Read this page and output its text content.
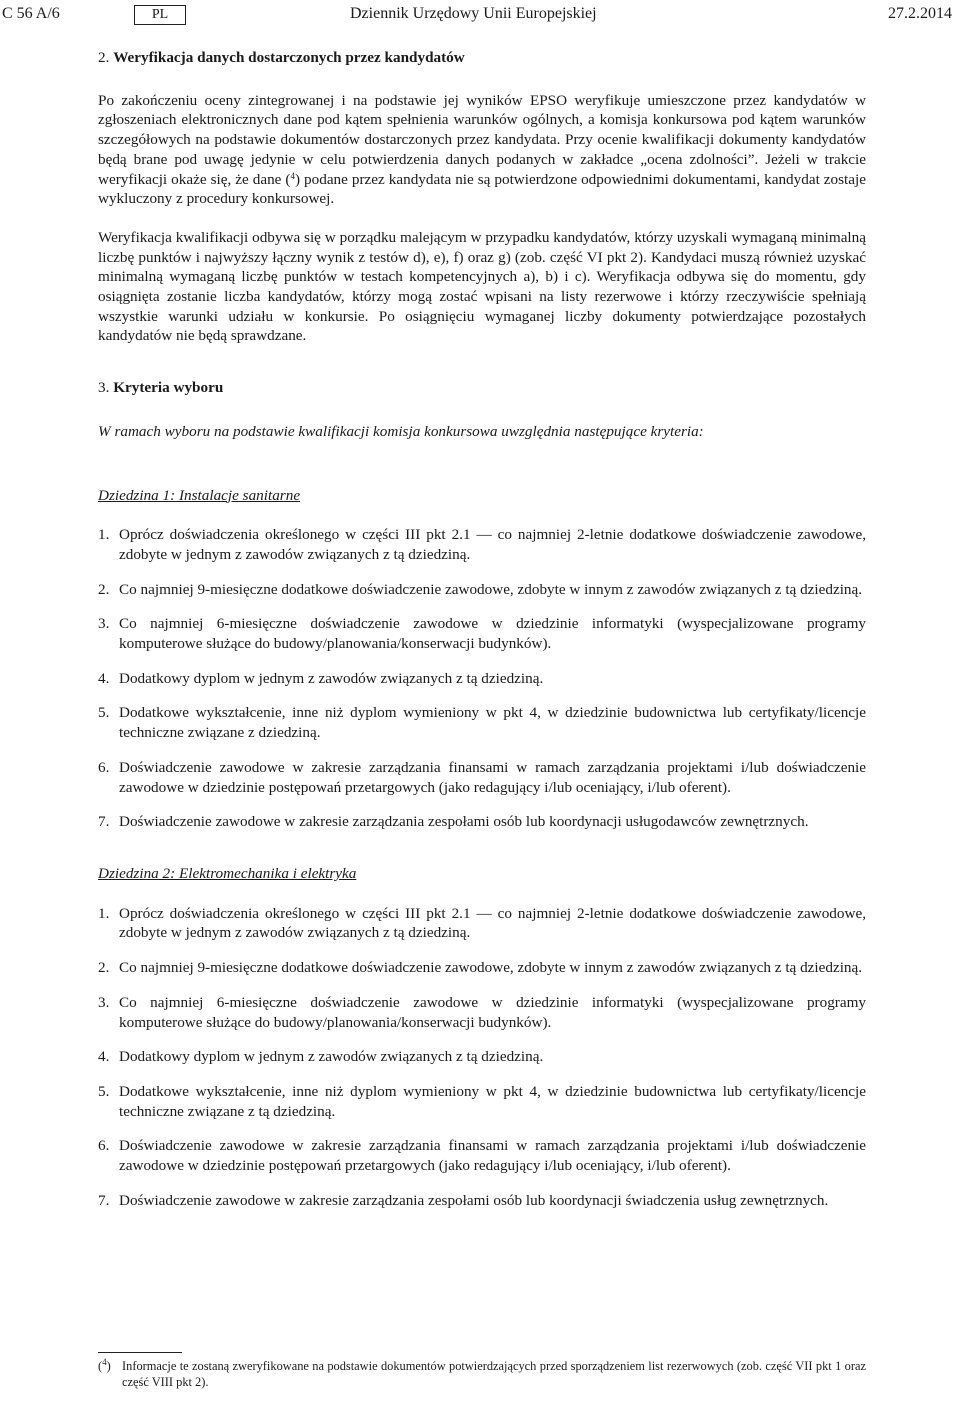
C 56 A/6	PL	Dziennik Urzędowy Unii Europejskiej	27.2.2014
2. Weryfikacja danych dostarczonych przez kandydatów

Po zakończeniu oceny zintegrowanej i na podstawie jej wyników EPSO weryfikuje umieszczone przez kandydatów w zgłoszeniach elektronicznych dane pod kątem spełnienia warunków ogólnych, a komisja konkursowa pod kątem warunków szczegółowych na podstawie dokumentów dostarczonych przez kandydata. Przy ocenie kwalifikacji dokumenty kandydatów będą brane pod uwagę jedynie w celu potwierdzenia danych podanych w zakładce „ocena zdolności”. Jeżeli w trakcie weryfikacji okaże się, że dane ($^4$) podane przez kandydata nie są potwierdzone odpowiednimi dokumentami, kandydat zostaje wykluczony z procedury konkursowej.

Weryfikacja kwalifikacji odbywa się w porządku malejącym w przypadku kandydatów, którzy uzyskali wymaganą minimalną liczbę punktów i najwyższy łączny wynik z testów d), e), f) oraz g) (zob. część VI pkt 2). Kandydaci muszą również uzyskać minimalną wymaganą liczbę punktów w testach kompetencyjnych a), b) i c). Weryfikacja odbywa się do momentu, gdy osiągnięta zostanie liczba kandydatów, którzy mogą zostać wpisani na listy rezerwowe i którzy rzeczywiście spełniają wszystkie warunki udziału w konkursie. Po osiągnięciu wymaganej liczby dokumenty potwierdzające pozostałych kandydatów nie będą sprawdzane.

3. Kryteria wyboru

W ramach wyboru na podstawie kwalifikacji komisja konkursowa uwzględnia następujące kryteria:

Dziedzina 1: Instalacje sanitarne
1. Oprócz doświadczenia określonego w części III pkt 2.1 — co najmniej 2-letnie dodatkowe doświadczenie zawodowe, zdobyte w jednym z zawodów związanych z tą dziedziną.
2. Co najmniej 9-miesięczne dodatkowe doświadczenie zawodowe, zdobyte w innym z zawodów związanych z tą dziedziną.
3. Co najmniej 6-miesięczne doświadczenie zawodowe w dziedzinie informatyki (wyspecjalizowane programy komputerowe służące do budowy/planowania/konserwacji budynków).
4. Dodatkowy dyplom w jednym z zawodów związanych z tą dziedziną.
5. Dodatkowe wykształcenie, inne niż dyplom wymieniony w pkt 4, w dziedzinie budownictwa lub certyfikaty/licencje techniczne związane z dziedziną.
6. Doświadczenie zawodowe w zakresie zarządzania finansami w ramach zarządzania projektami i/lub doświadczenie zawodowe w dziedzinie postępowań przetargowych (jako redagujący i/lub oceniający, i/lub oferent).
7. Doświadczenie zawodowe w zakresie zarządzania zespołami osób lub koordynacji usługodawców zewnętrznych.
Dziedzina 2: Elektromechanika i elektryka
1. Oprócz doświadczenia określonego w części III pkt 2.1 — co najmniej 2-letnie dodatkowe doświadczenie zawodowe, zdobyte w jednym z zawodów związanych z tą dziedziną.
2. Co najmniej 9-miesięczne dodatkowe doświadczenie zawodowe, zdobyte w innym z zawodów związanych z tą dziedziną.
3. Co najmniej 6-miesięczne doświadczenie zawodowe w dziedzinie informatyki (wyspecjalizowane programy komputerowe służące do budowy/planowania/konserwacji budynków).
4. Dodatkowy dyplom w jednym z zawodów związanych z tą dziedziną.
5. Dodatkowe wykształcenie, inne niż dyplom wymieniony w pkt 4, w dziedzinie budownictwa lub certyfikaty/licencje techniczne związane z tą dziedziną.
6. Doświadczenie zawodowe w zakresie zarządzania finansami w ramach zarządzania projektami i/lub doświadczenie zawodowe w dziedzinie postępowań przetargowych (jako redagujący i/lub oceniający, i/lub oferent).
7. Doświadczenie zawodowe w zakresie zarządzania zespołami osób lub koordynacji świadczenia usług zewnętrznych.
($^4$) Informacje te zostaną zweryfikowane na podstawie dokumentów potwierdzających przed sporządzeniem list rezerwowych (zob. część VII pkt 1 oraz część VIII pkt 2).
